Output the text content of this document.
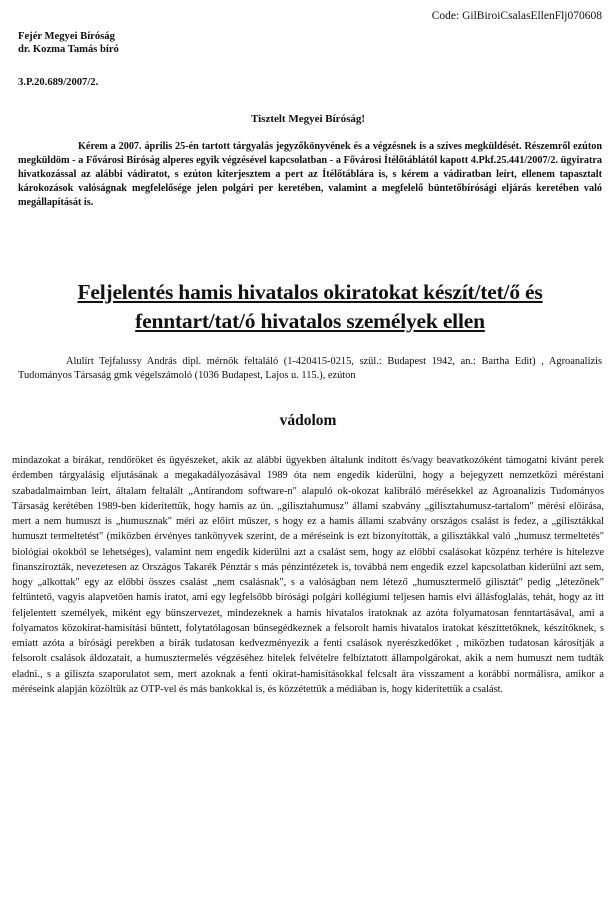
Code: GilBiroiCsalasEllenFlj070608
Fejér Megyei Bíróság
dr. Kozma Tamás bíró
3.P.20.689/2007/2.
Tisztelt Megyei Bíróság!
Kérem a 2007. április 25-én tartott tárgyalás jegyzőkönyvének és a végzésnek is a szíves megküldését. Részemről ezúton megküldöm - a Fővárosi Bíróság alperes egyik végzésével kapcsolatban - a Fővárosi Ítélőtáblától kapott 4.Pkf.25.441/2007/2. ügyiratra hivatkozással az alábbi vádiratot, s ezúton kiterjesztem a pert az Ítélőtáblára is, s kérem a vádiratban leírt, ellenem tapasztalt károkozások valóságnak megfelelősége jelen polgári per keretében, valamint a megfelelő büntetőbírósági eljárás keretében való megállapítását is.
Feljelentés hamis hivatalos okiratokat készít/tet/ő és fenntart/tat/ó hivatalos személyek ellen
Alulírt Tejfalussy András dipl. mérnök feltaláló (1-420415-0215, szül.: Budapest 1942, an.: Bartha Edit) , Agroanalizis Tudományos Társaság gmk végelszámoló (1036 Budapest, Lajos u. 115.), ezúton
vádolom
mindazokat a bírákat, rendőröket és ügyészeket, akik az alábbi ügyekben általunk indított és/vagy beavatkozóként támogatni kívánt perek érdemben tárgyalásig eljutásának a megakadályozásával 1989 óta nem engedik kiderülni, hogy a bejegyzett nemzetközi méréstani szabadalmaimban leírt, általam feltalált „Antirandom software-n" alapuló ok-okozat kalibráló mérésekkel az Agroanalizis Tudományos Társaság kerétében 1989-ben kiderítettük, hogy hamis az ún. „gilisztahumusz" állami szabvány „gilisztahumusz-tartalom" mérési előírása, mert a nem humuszt is „humusznak" méri az előírt műszer, s hogy ez a hamis állami szabvány országos csalást is fedez, a „gilisztákkal humuszt termeltetést" (miközben érvényes tankönyvek szerint, de a méréseink is ezt bizonyították, a gilisztákkal való „humusz termeltetés" biológiai okokból se lehetséges), valamint nem engedik kiderülni azt a csalást sem, hogy az előbbi csalásokat közpénz terhére is hitelezve finanszírozták, nevezetesen az Országos Takarék Pénztár s más pénzintézetek is, továbbá nem engedik ezzel kapcsolatban kiderülni azt sem, hogy „alkottak" egy az előbbi összes csalást „nem csalásnak", s a valóságban nem létező „humusztermelő gilisztát" pedig „létezőnek" feltüntető, vagyis alapvetően hamis iratot, ami egy legfelsőbb bírósági polgári kollégiumi teljesen hamis elvi állásfoglalás, tehát, hogy az itt feljelentett személyek, miként egy bűnszervezet, mindezeknek a hamis hivatalos iratoknak az azóta folyamatosan fenntartásával, ami a folyamatos közokirat-hamisítási bűntett, folytatólagosan bűnsegédkeznek a felsorolt hamis hivatalos iratokat készíttetőknek, készítőknek, s emiatt azóta a bírósági perekben a bírák tudatosan kedvezményezik a fenti csalások nyerészkedőket , miközben tudatosan károsítják a felsorolt csalások áldozatait, a humusztermelés végzéséhez hitelek felvételre felbíztatott állampolgárokat, akik a nem humuszt nem tudták eladni., s a giliszta szaporulatot sem, mert azoknak a fenti okirat-hamisításokkal felcsalt ára visszament a korábbi normálisra, amikor a méréseink alapján közöltük az OTP-vel és más bankokkal is, és közzétettük a médiában is, hogy kiderítettük a csalást.
